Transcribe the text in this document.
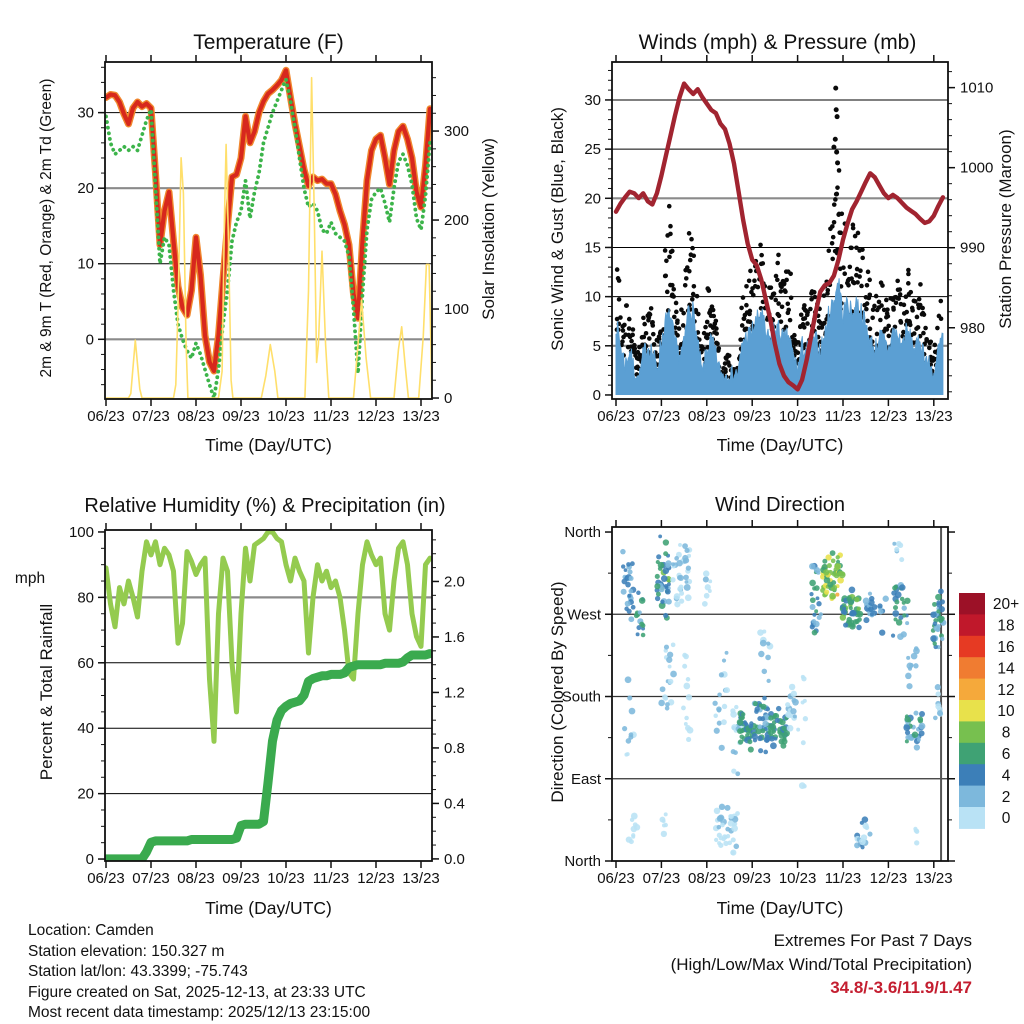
0
10
20
30
0
100
200
300
06/23 07/23 08/23 09/23 10/23 11/23 12/23 13/23
0
5
10
15
20
25
30
980
990
1000
1010
06/23 07/23 08/23 09/23 10/23 11/23 12/23 13/23
0
20
40
60
80
100
0.0
0.4
0.8
1.2
1.6
2.0
06/23 07/23 08/23 09/23 10/23 11/23 12/23 13/23
North
West
South
East
North
06/23 07/23 08/23 09/23 10/23 11/23 12/23 13/23
20+
18
16
14
12
10
8
6
4
2
0
Temperature (F)	Winds (mph) & Pressure (mb)
Relative Humidity (%) & Precipitation (in)	Wind Direction
Time (Day/UTC)	Time (Day/UTC)
Time (Day/UTC)	Time (Day/UTC)
2m & 9m T (Red, Orange) & 2m Td (Green)	Solar Insolation (Yellow)	Sonic Wind & Gust (Blue, Black)	Station Pressure (Maroon)
Percent & Total Rainfall	Direction (Colored By Speed)
mph
Location: Camden
Station elevation: 150.327 m
Station lat/lon: 43.3399; -75.743
Figure created on Sat, 2025-12-13, at 23:33 UTC
Most recent data timestamp: 2025/12/13 23:15:00
Extremes For Past 7 Days
(High/Low/Max Wind/Total Precipitation)
34.8/-3.6/11.9/1.47
